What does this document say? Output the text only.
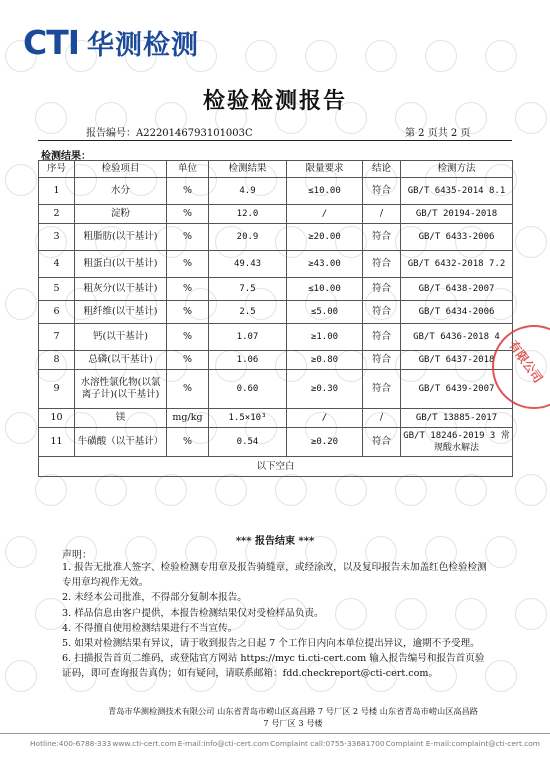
CTI 华测检测
检验检测报告
报告编号：A2220146793101003C	第 2 页共 2 页
检测结果：
序号	检验项目	单位	检测结果	限量要求	结论	检测方法
1	水分	%	4.9	≤10.00	符合	GB/T 6435-2014 8.1
2	淀粉	%	12.0	/	/	GB/T 20194-2018
3	粗脂肪(以干基计)	%	20.9	≥20.00	符合	GB/T 6433-2006
4	粗蛋白(以干基计)	%	49.43	≥43.00	符合	GB/T 6432-2018 7.2
5	粗灰分(以干基计)	%	7.5	≤10.00	符合	GB/T 6438-2007
6	粗纤维(以干基计)	%	2.5	≤5.00	符合	GB/T 6434-2006
7	钙(以干基计)	%	1.07	≥1.00	符合	GB/T 6436-2018 4
8	总磷(以干基计)	%	1.06	≥0.80	符合	GB/T 6437-2018
9	水溶性氯化物(以氯离子计)(以干基计)	%	0.60	≥0.30	符合	GB/T 6439-2007
10	镁	mg/kg	1.5×10³	/	/	GB/T 13885-2017
11	牛磺酸（以干基计）	%	0.54	≥0.20	符合	GB/T 18246-2019 3 常规酸水解法
以下空白						
有限公司
*** 报告结束 ***
声明：
1. 报告无批准人签字、检验检测专用章及报告骑缝章，或经涂改，以及复印报告未加盖红色检验检测专用章均视作无效。
2. 未经本公司批准，不得部分复制本报告。
3. 样品信息由客户提供，本报告检测结果仅对受检样品负责。
4. 不得擅自使用检测结果进行不当宣传。
5. 如果对检测结果有异议，请于收到报告之日起 7 个工作日内向本单位提出异议，逾期不予受理。
6. 扫描报告首页二维码，或登陆官方网站 https://myc ti.cti-cert.com 输入报告编号和报告首页验证码，即可查询报告真伪；如有疑问，请联系邮箱：fdd.checkreport@cti-cert.com。
青岛市华测检测技术有限公司 山东省青岛市崂山区高昌路 7 号厂区 2 号楼 山东省青岛市崂山区高昌路 7 号厂区 3 号楼
Hotline:400-6788-333 www.cti-cert.com E-mail:info@cti-cert.com Complaint call:0755-33681700 Complaint E-mail:complaint@cti-cert.com
